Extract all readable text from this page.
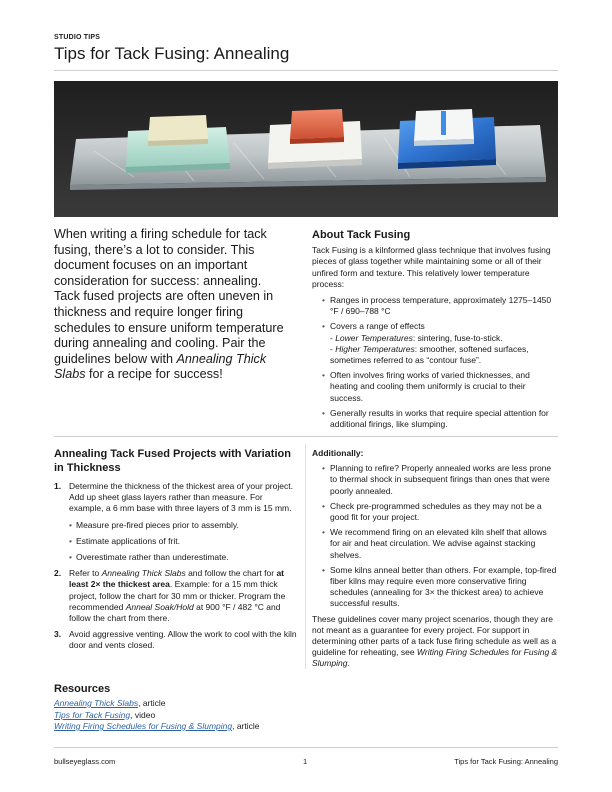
STUDIO TIPS
Tips for Tack Fusing: Annealing

When writing a firing schedule for tack fusing, there’s a lot to consider. This document focuses on an important consideration for success: annealing.

Tack fused projects are often uneven in thickness and require longer firing schedules to ensure uniform temperature during annealing and cooling. Pair the guidelines below with Annealing Thick Slabs for a recipe for success!

About Tack Fusing

Tack Fusing is a kilnformed glass technique that involves fusing pieces of glass together while maintaining some or all of their unfired form and texture. This relatively lower temperature process:

• Ranges in process temperature, approximately 1275–1450 °F / 690–788 °C
• Covers a range of effects
- Lower Temperatures: sintering, fuse-to-stick.
- Higher Temperatures: smoother, softened surfaces, sometimes referred to as “contour fuse”.
• Often involves firing works of varied thicknesses, and heating and cooling them uniformly is crucial to their success.
• Generally results in works that require special attention for additional firings, like slumping.
Annealing Tack Fused Projects with Variation in Thickness
1. Determine the thickness of the thickest area of your project. Add up sheet glass layers rather than measure. For example, a 6 mm base with three layers of 3 mm is 15 mm.
• Measure pre-fired pieces prior to assembly.
• Estimate applications of frit.
• Overestimate rather than underestimate.
2. Refer to Annealing Thick Slabs and follow the chart for at least 2× the thickest area. Example: for a 15 mm thick project, follow the chart for 30 mm or thicker. Program the recommended Anneal Soak/Hold at 900 °F / 482 °C and follow the chart from there.
3. Avoid aggressive venting. Allow the work to cool with the kiln door and vents closed.
Additionally:
• Planning to refire? Properly annealed works are less prone to thermal shock in subsequent firings than ones that were poorly annealed.
• Check pre-programmed schedules as they may not be a good fit for your project.
• We recommend firing on an elevated kiln shelf that allows for air and heat circulation. We advise against stacking shelves.
• Some kilns anneal better than others. For example, top-fired fiber kilns may require even more conservative firing schedules (annealing for 3× the thickest area) to achieve successful results.

These guidelines cover many project scenarios, though they are not meant as a guarantee for every project. For support in determining other parts of a tack fuse firing schedule as well as a guideline for reheating, see Writing Firing Schedules for Fusing & Slumping.

Resources
Annealing Thick Slabs, article
Tips for Tack Fusing, video
Writing Firing Schedules for Fusing & Slumping, article
bullseyeglass.com	1	Tips for Tack Fusing: Annealing
